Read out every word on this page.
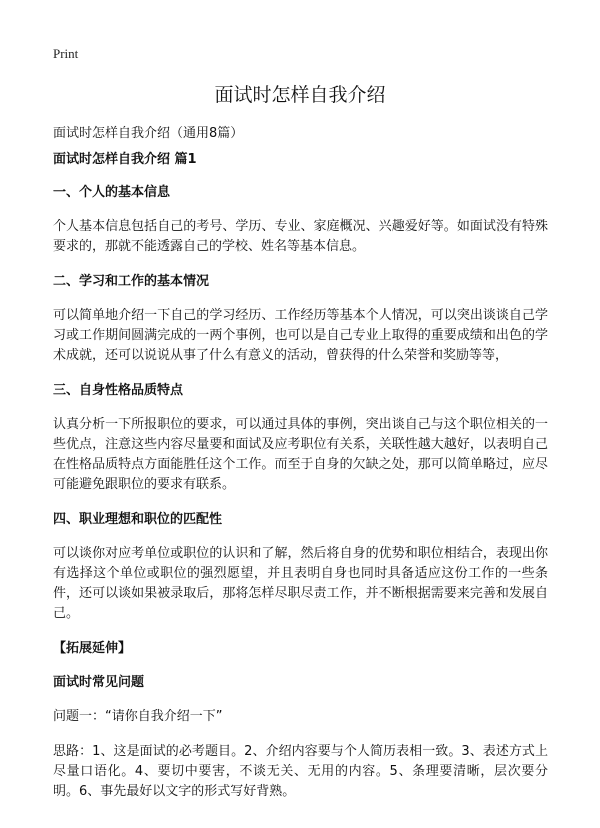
Print
面试时怎样自我介绍

面试时怎样自我介绍（通用8篇）

面试时怎样自我介绍 篇1

一、个人的基本信息

个人基本信息包括自己的考号、学历、专业、家庭概况、兴趣爱好等。如面试没有特殊要求的，那就不能透露自己的学校、姓名等基本信息。

二、学习和工作的基本情况

可以简单地介绍一下自己的学习经历、工作经历等基本个人情况，可以突出谈谈自己学习或工作期间圆满完成的一两个事例，也可以是自己专业上取得的重要成绩和出色的学术成就，还可以说说从事了什么有意义的活动，曾获得的什么荣誉和奖励等等，

三、自身性格品质特点

认真分析一下所报职位的要求，可以通过具体的事例，突出谈自己与这个职位相关的一些优点，注意这些内容尽量要和面试及应考职位有关系，关联性越大越好，以表明自己在性格品质特点方面能胜任这个工作。而至于自身的欠缺之处，那可以简单略过，应尽可能避免跟职位的要求有联系。

四、职业理想和职位的匹配性

可以谈你对应考单位或职位的认识和了解，然后将自身的优势和职位相结合，表现出你有选择这个单位或职位的强烈愿望，并且表明自身也同时具备适应这份工作的一些条件，还可以谈如果被录取后，那将怎样尽职尽责工作，并不断根据需要来完善和发展自己。

【拓展延伸】

面试时常见问题

问题一：“请你自我介绍一下”

思路：1、这是面试的必考题目。2、介绍内容要与个人简历表相一致。3、表述方式上尽量口语化。4、要切中要害，不谈无关、无用的内容。5、条理要清晰，层次要分明。6、事先最好以文字的形式写好背熟。
